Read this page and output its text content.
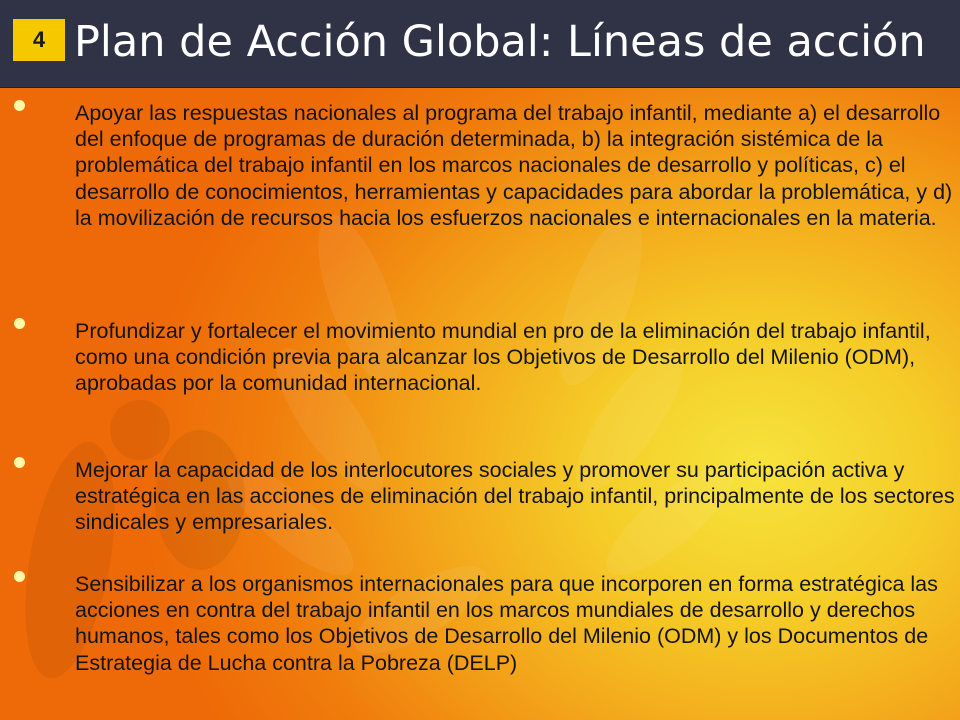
4 Plan de Acción Global: Líneas de acción

Apoyar las respuestas nacionales al programa del trabajo infantil, mediante a) el desarrollo del enfoque de programas de duración determinada, b) la integración sistémica de la problemática del trabajo infantil en los marcos nacionales de desarrollo y políticas, c) el desarrollo de conocimientos, herramientas y capacidades para abordar la problemática, y d) la movilización de recursos hacia los esfuerzos nacionales e internacionales en la materia.

Profundizar y fortalecer el movimiento mundial en pro de la eliminación del trabajo infantil, como una condición previa para alcanzar los Objetivos de Desarrollo del Milenio (ODM), aprobadas por la comunidad internacional.

Mejorar la capacidad de los interlocutores sociales y promover su participación activa y estratégica en las acciones de eliminación del trabajo infantil, principalmente de los sectores sindicales y empresariales.

Sensibilizar a los organismos internacionales para que incorporen en forma estratégica las acciones en contra del trabajo infantil en los marcos mundiales de desarrollo y derechos humanos, tales como los Objetivos de Desarrollo del Milenio (ODM) y los Documentos de Estrategia de Lucha contra la Pobreza (DELP)
